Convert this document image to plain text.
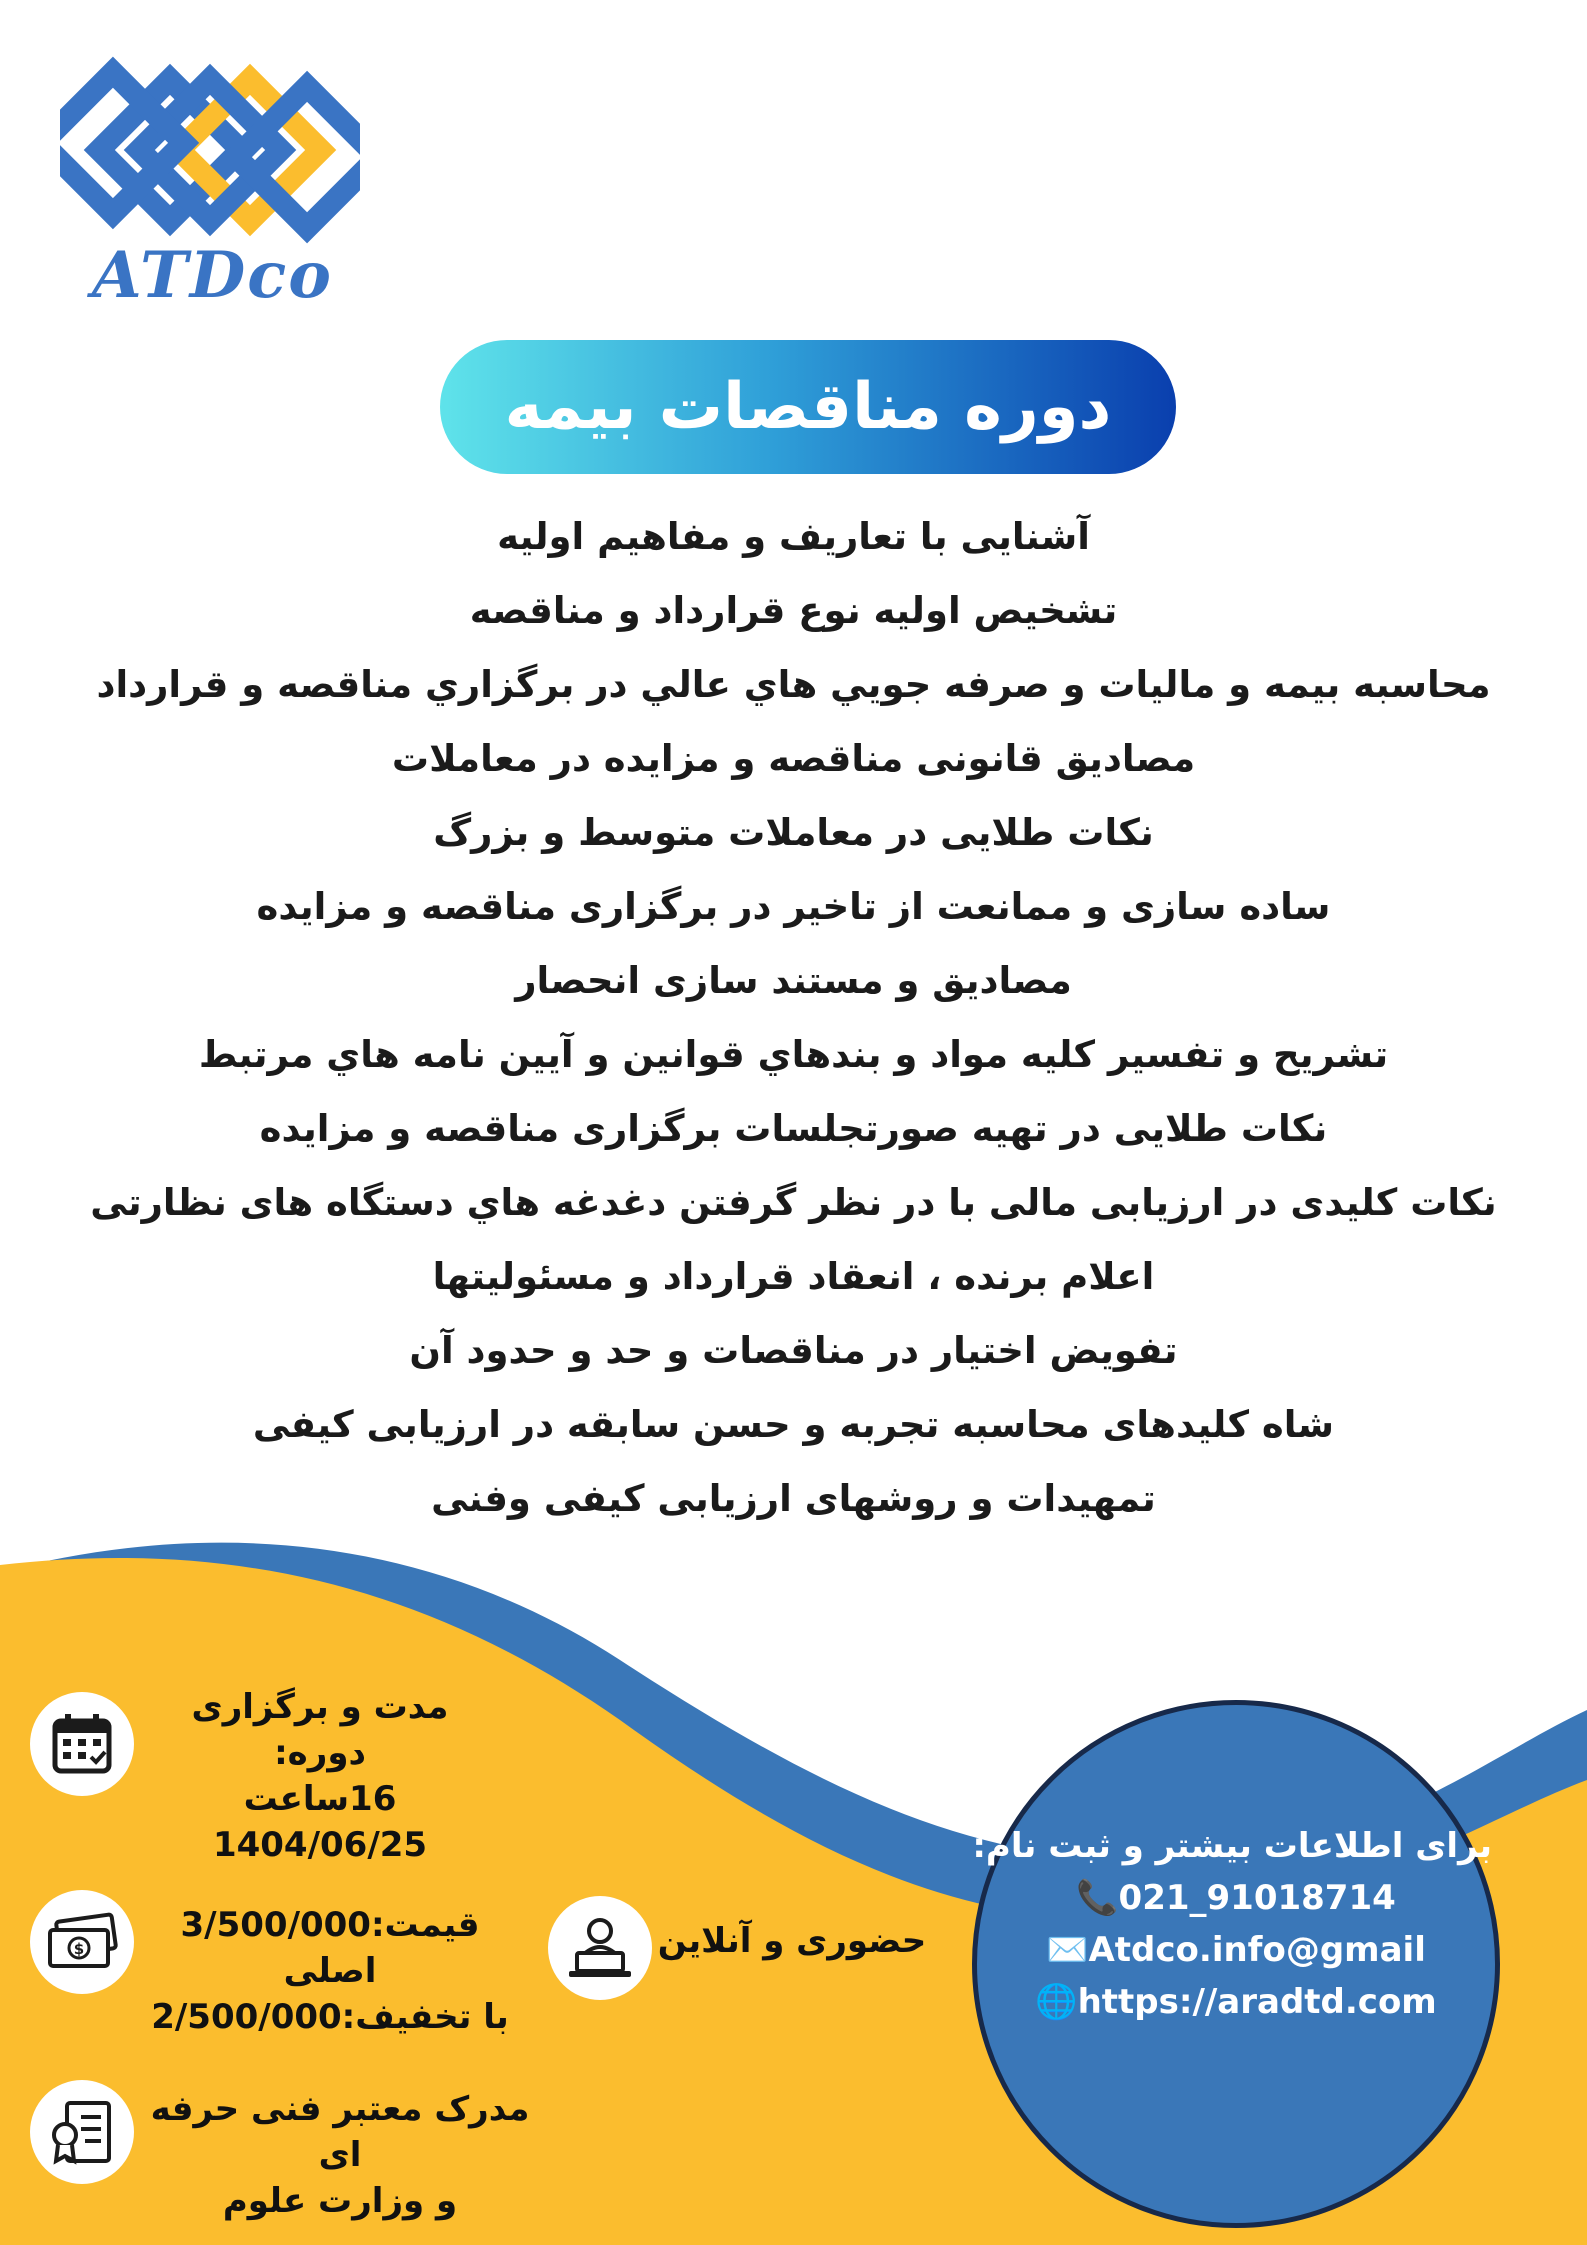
ATDco
دوره مناقصات بیمه
آشنایی با تعاریف و مفاهیم اولیه
تشخیص اولیه نوع قرارداد و مناقصه
محاسبه بیمه و مالیات و صرفه جویي هاي عالي در برگزاري مناقصه و قرارداد
مصادیق قانونی مناقصه و مزایده در معاملات
نکات طلایی در معاملات متوسط و بزرگ
ساده سازی و ممانعت از تاخیر در برگزاری مناقصه و مزایده
مصادیق و مستند سازی انحصار
تشریح و تفسیر کلیه مواد و بندهاي قوانین و آیین نامه هاي مرتبط
نکات طلایی در تهیه صورتجلسات برگزاری مناقصه و مزایده
نکات کلیدی در ارزیابی مالی با در نظر گرفتن دغدغه هاي دستگاه های نظارتی
اعلام برنده ، انعقاد قرارداد و مسئولیتها
تفویض اختیار در مناقصات و حد و حدود آن
شاه کلیدهای محاسبه تجربه و حسن سابقه در ارزیابی کیفی
تمهیدات و روشهای ارزیابی کیفی وفنی
مدت و برگزاری دوره:
16ساعت
1404/06/25
$
قیمت:3/500/000
اصلی
با تخفیف:2/500/000
حضوری و آنلاین
مدرک معتبر فنی حرفه ای
و وزارت علوم
برای اطلاعات بیشتر و ثبت نام:
📞021_91018714
✉️Atdco.info@gmail
🌐https://aradtd.com
